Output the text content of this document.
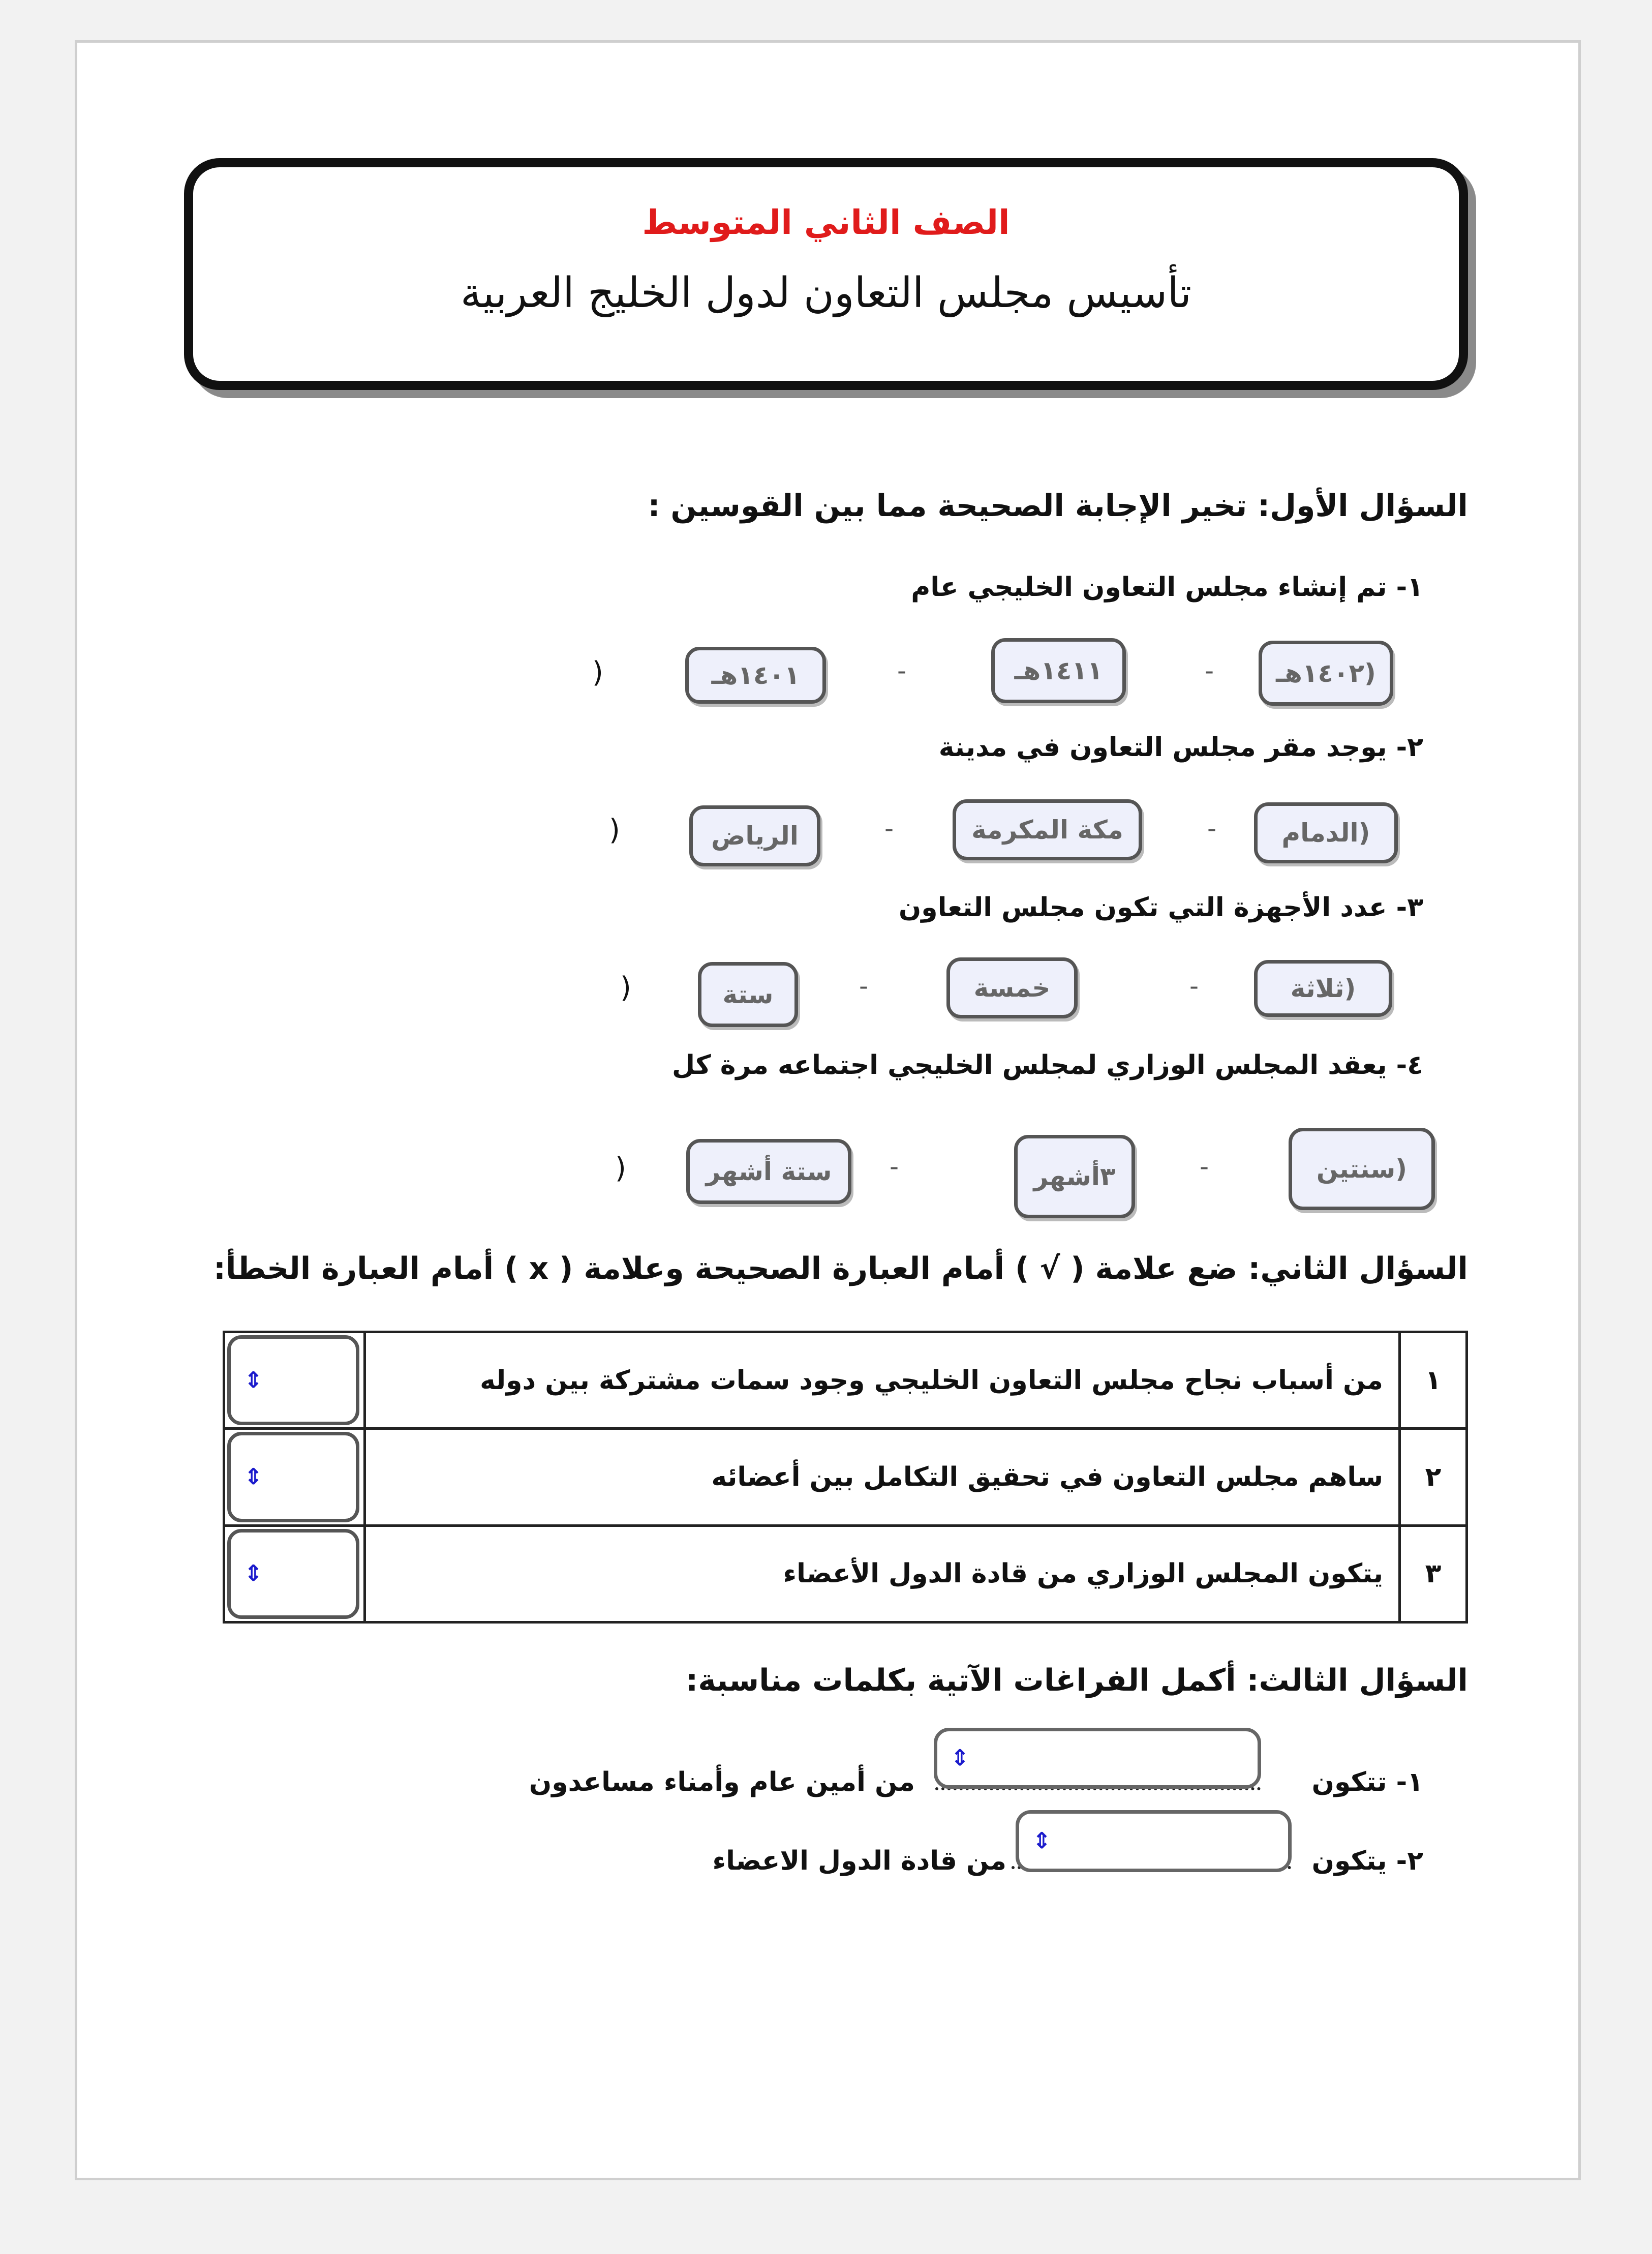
الصف الثاني المتوسط
تأسيس مجلس التعاون لدول الخليج العربية
السؤال الأول: تخير الإجابة الصحيحة مما بين القوسين :
١- تم إنشاء مجلس التعاون الخليجي عام
(١٤٠٢هـ
-
١٤١١هـ
-
١٤٠١هـ
)
٢- يوجد مقر مجلس التعاون في مدينة
(الدمام
-
مكة المكرمة
-
الرياض
)
٣- عدد الأجهزة التي تكون مجلس التعاون
(ثلاثة
-
خمسة
-
ستة
)
٤- يعقد المجلس الوزاري لمجلس الخليجي اجتماعه مرة كل
(سنتين
-
٣أشهر
-
ستة أشهر
)
السؤال الثاني: ضع علامة ( √ ) أمام العبارة الصحيحة وعلامة ( ⅹ ) أمام العبارة الخطأ:
١	من أسباب نجاح مجلس التعاون الخليجي وجود سمات مشتركة بين دوله	⇕

٢	ساهم مجلس التعاون في تحقيق التكامل بين أعضائه	⇕

٣	يتكون المجلس الوزاري من قادة الدول الأعضاء	⇕
السؤال الثالث: أكمل الفراغات الآتية بكلمات مناسبة:
١- تتكون
من أمين عام وأمناء مساعدون
⇕
٢- يتكون
من قادة الدول الاعضاء
⇕
